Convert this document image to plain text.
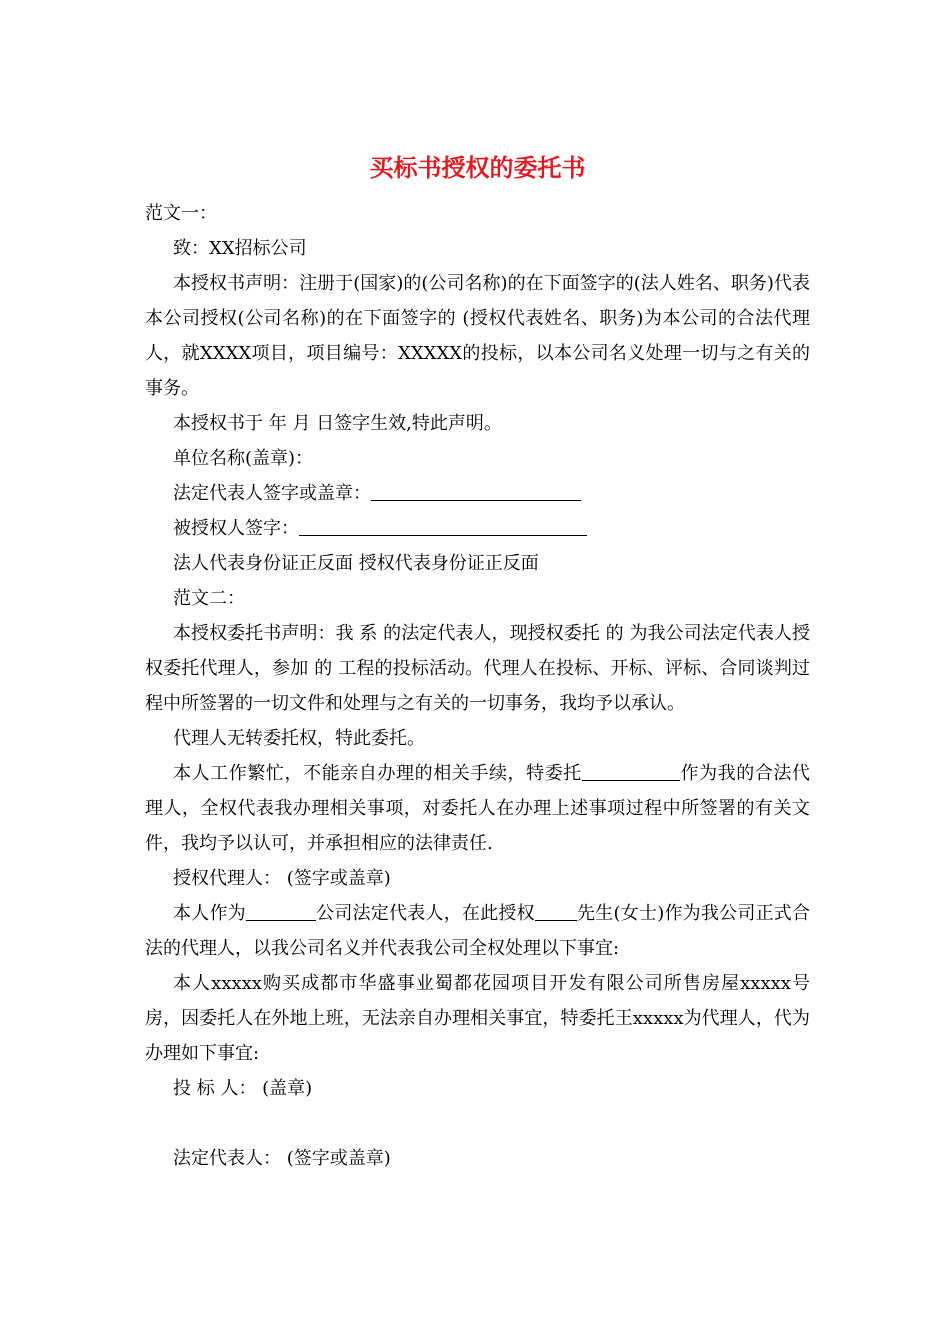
买标书授权的委托书

范文一：

致：XX招标公司

本授权书声明：注册于(国家)的(公司名称)的在下面签字的(法人姓名、职务)代表本公司授权(公司名称)的在下面签字的 (授权代表姓名、职务)为本公司的合法代理人，就XXXX项目，项目编号：XXXXX的投标，以本公司名义处理一切与之有关的事务。

本授权书于 年 月 日签字生效,特此声明。

单位名称(盖章)：

法定代表人签字或盖章：

被授权人签字：

法人代表身份证正反面 授权代表身份证正反面

范文二：

本授权委托书声明：我 系 的法定代表人，现授权委托 的 为我公司法定代表人授权委托代理人，参加 的 工程的投标活动。代理人在投标、开标、评标、合同谈判过程中所签署的一切文件和处理与之有关的一切事务，我均予以承认。

代理人无转委托权，特此委托。

本人工作繁忙，不能亲自办理的相关手续，特委托	作为我的合法代理人，全权代表我办理相关事项，对委托人在办理上述事项过程中所签署的有关文件，我均予以认可，并承担相应的法律责任.

授权代理人： (签字或盖章)

本人作为	公司法定代表人，在此授权 先生(女士)作为我公司正式合法的代理人，以我公司名义并代表我公司全权处理以下事宜:

本人xxxxx购买成都市华盛事业蜀都花园项目开发有限公司所售房屋xxxxx号房，因委托人在外地上班，无法亲自办理相关事宜，特委托王xxxxx为代理人，代为办理如下事宜:

投 标 人： (盖章)

法定代表人： (签字或盖章)
